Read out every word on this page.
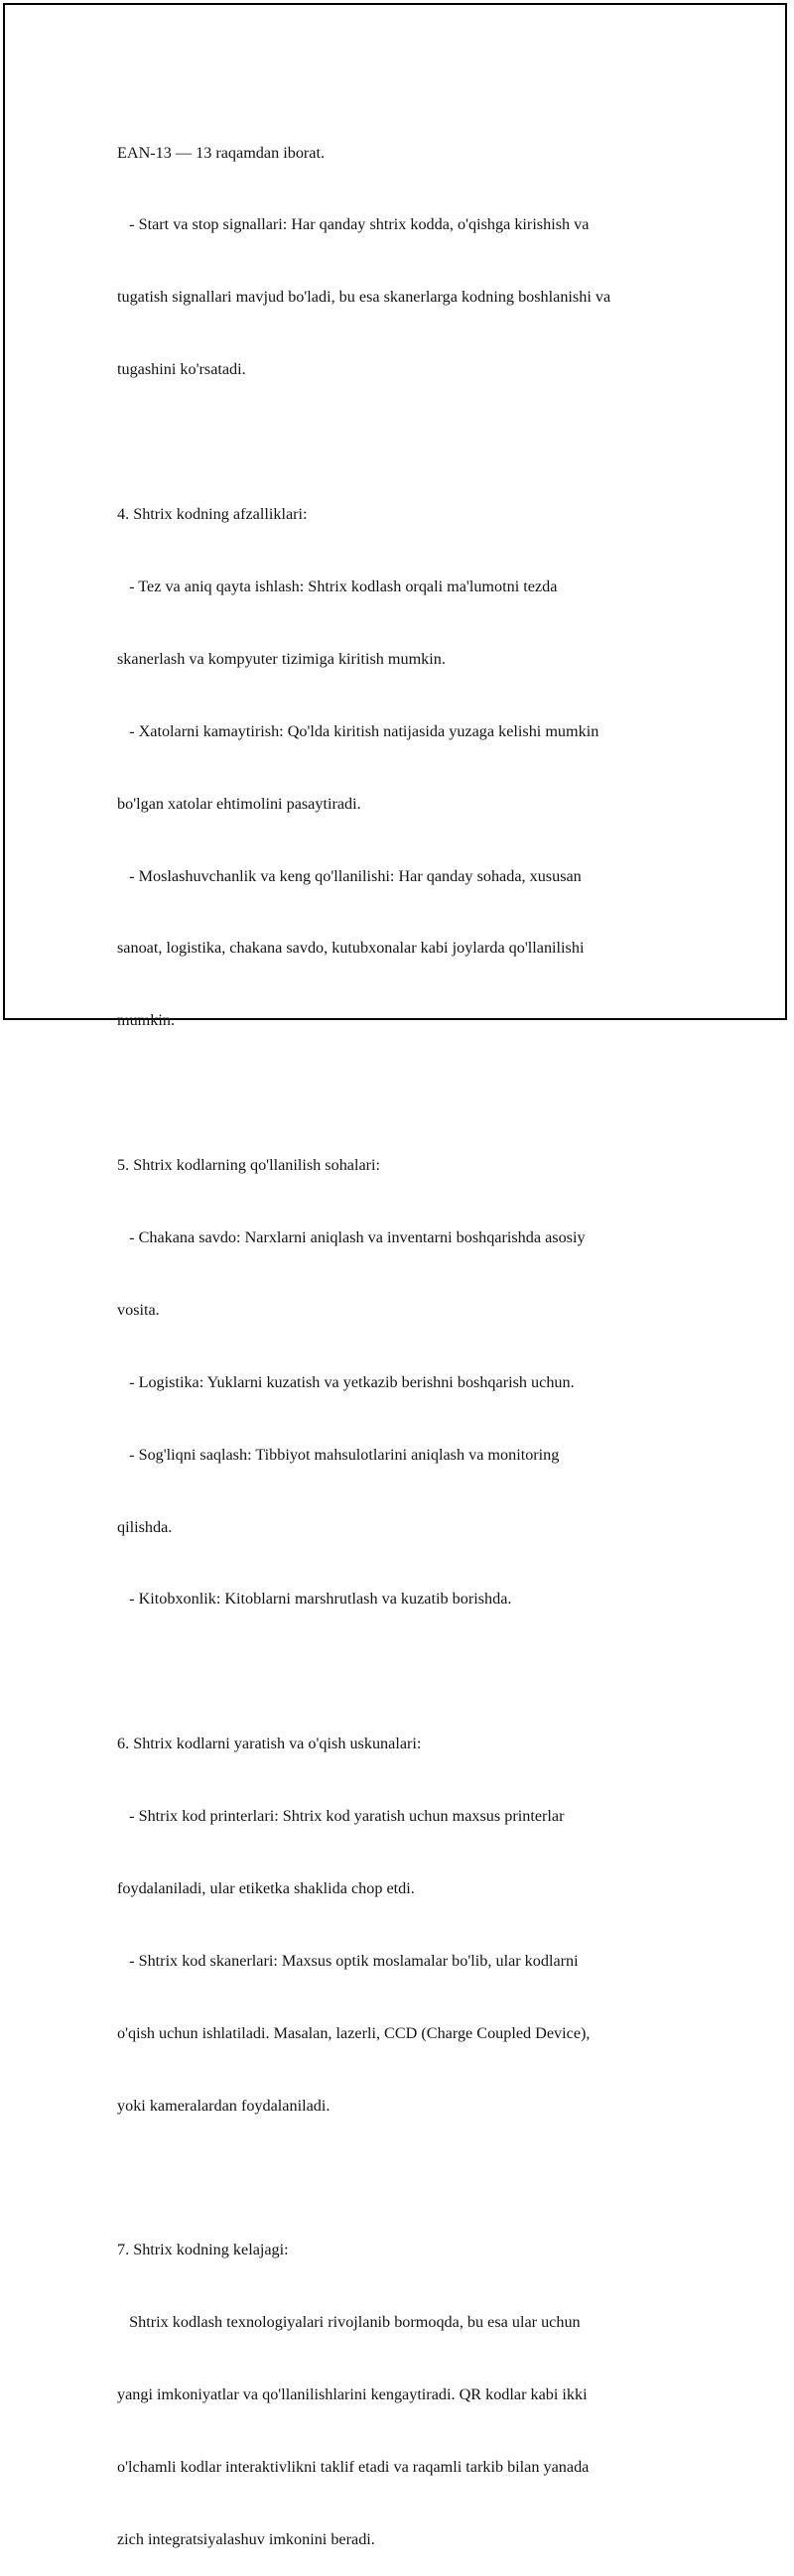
EAN-13 — 13 raqamdan iborat.

- Start va stop signallari: Har qanday shtrix kodda, o'qishga kirishish va

tugatish signallari mavjud bo'ladi, bu esa skanerlarga kodning boshlanishi va

tugashini ko'rsatadi.

4. Shtrix kodning afzalliklari:

- Tez va aniq qayta ishlash: Shtrix kodlash orqali ma'lumotni tezda

skanerlash va kompyuter tizimiga kiritish mumkin.

- Xatolarni kamaytirish: Qo'lda kiritish natijasida yuzaga kelishi mumkin

bo'lgan xatolar ehtimolini pasaytiradi.

- Moslashuvchanlik va keng qo'llanilishi: Har qanday sohada, xususan

sanoat, logistika, chakana savdo, kutubxonalar kabi joylarda qo'llanilishi

mumkin.

5. Shtrix kodlarning qo'llanilish sohalari:

- Chakana savdo: Narxlarni aniqlash va inventarni boshqarishda asosiy

vosita.

- Logistika: Yuklarni kuzatish va yetkazib berishni boshqarish uchun.

- Sog'liqni saqlash: Tibbiyot mahsulotlarini aniqlash va monitoring

qilishda.

- Kitobxonlik: Kitoblarni marshrutlash va kuzatib borishda.

6. Shtrix kodlarni yaratish va o'qish uskunalari:

- Shtrix kod printerlari: Shtrix kod yaratish uchun maxsus printerlar

foydalaniladi, ular etiketka shaklida chop etdi.

- Shtrix kod skanerlari: Maxsus optik moslamalar bo'lib, ular kodlarni

o'qish uchun ishlatiladi. Masalan, lazerli, CCD (Charge Coupled Device),

yoki kameralardan foydalaniladi.

7. Shtrix kodning kelajagi:

Shtrix kodlash texnologiyalari rivojlanib bormoqda, bu esa ular uchun

yangi imkoniyatlar va qo'llanilishlarini kengaytiradi. QR kodlar kabi ikki

o'lchamli kodlar interaktivlikni taklif etadi va raqamli tarkib bilan yanada

zich integratsiyalashuv imkonini beradi.
